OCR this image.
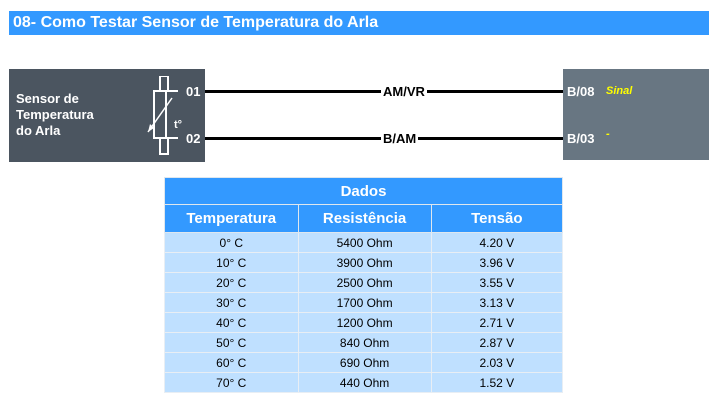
08- Como Testar Sensor de Temperatura do Arla
Sensor de
Temperatura
do Arla	t°
01
02
AM/VR
B/AM
B/08
B/03
Sinal
-
Dados		
Temperatura	Resistência	Tensão
0° C	5400 Ohm	4.20 V
10° C	3900 Ohm	3.96 V
20° C	2500 Ohm	3.55 V
30° C	1700 Ohm	3.13 V
40° C	1200 Ohm	2.71 V
50° C	840 Ohm	2.87 V
60° C	690 Ohm	2.03 V
70° C	440 Ohm	1.52 V
